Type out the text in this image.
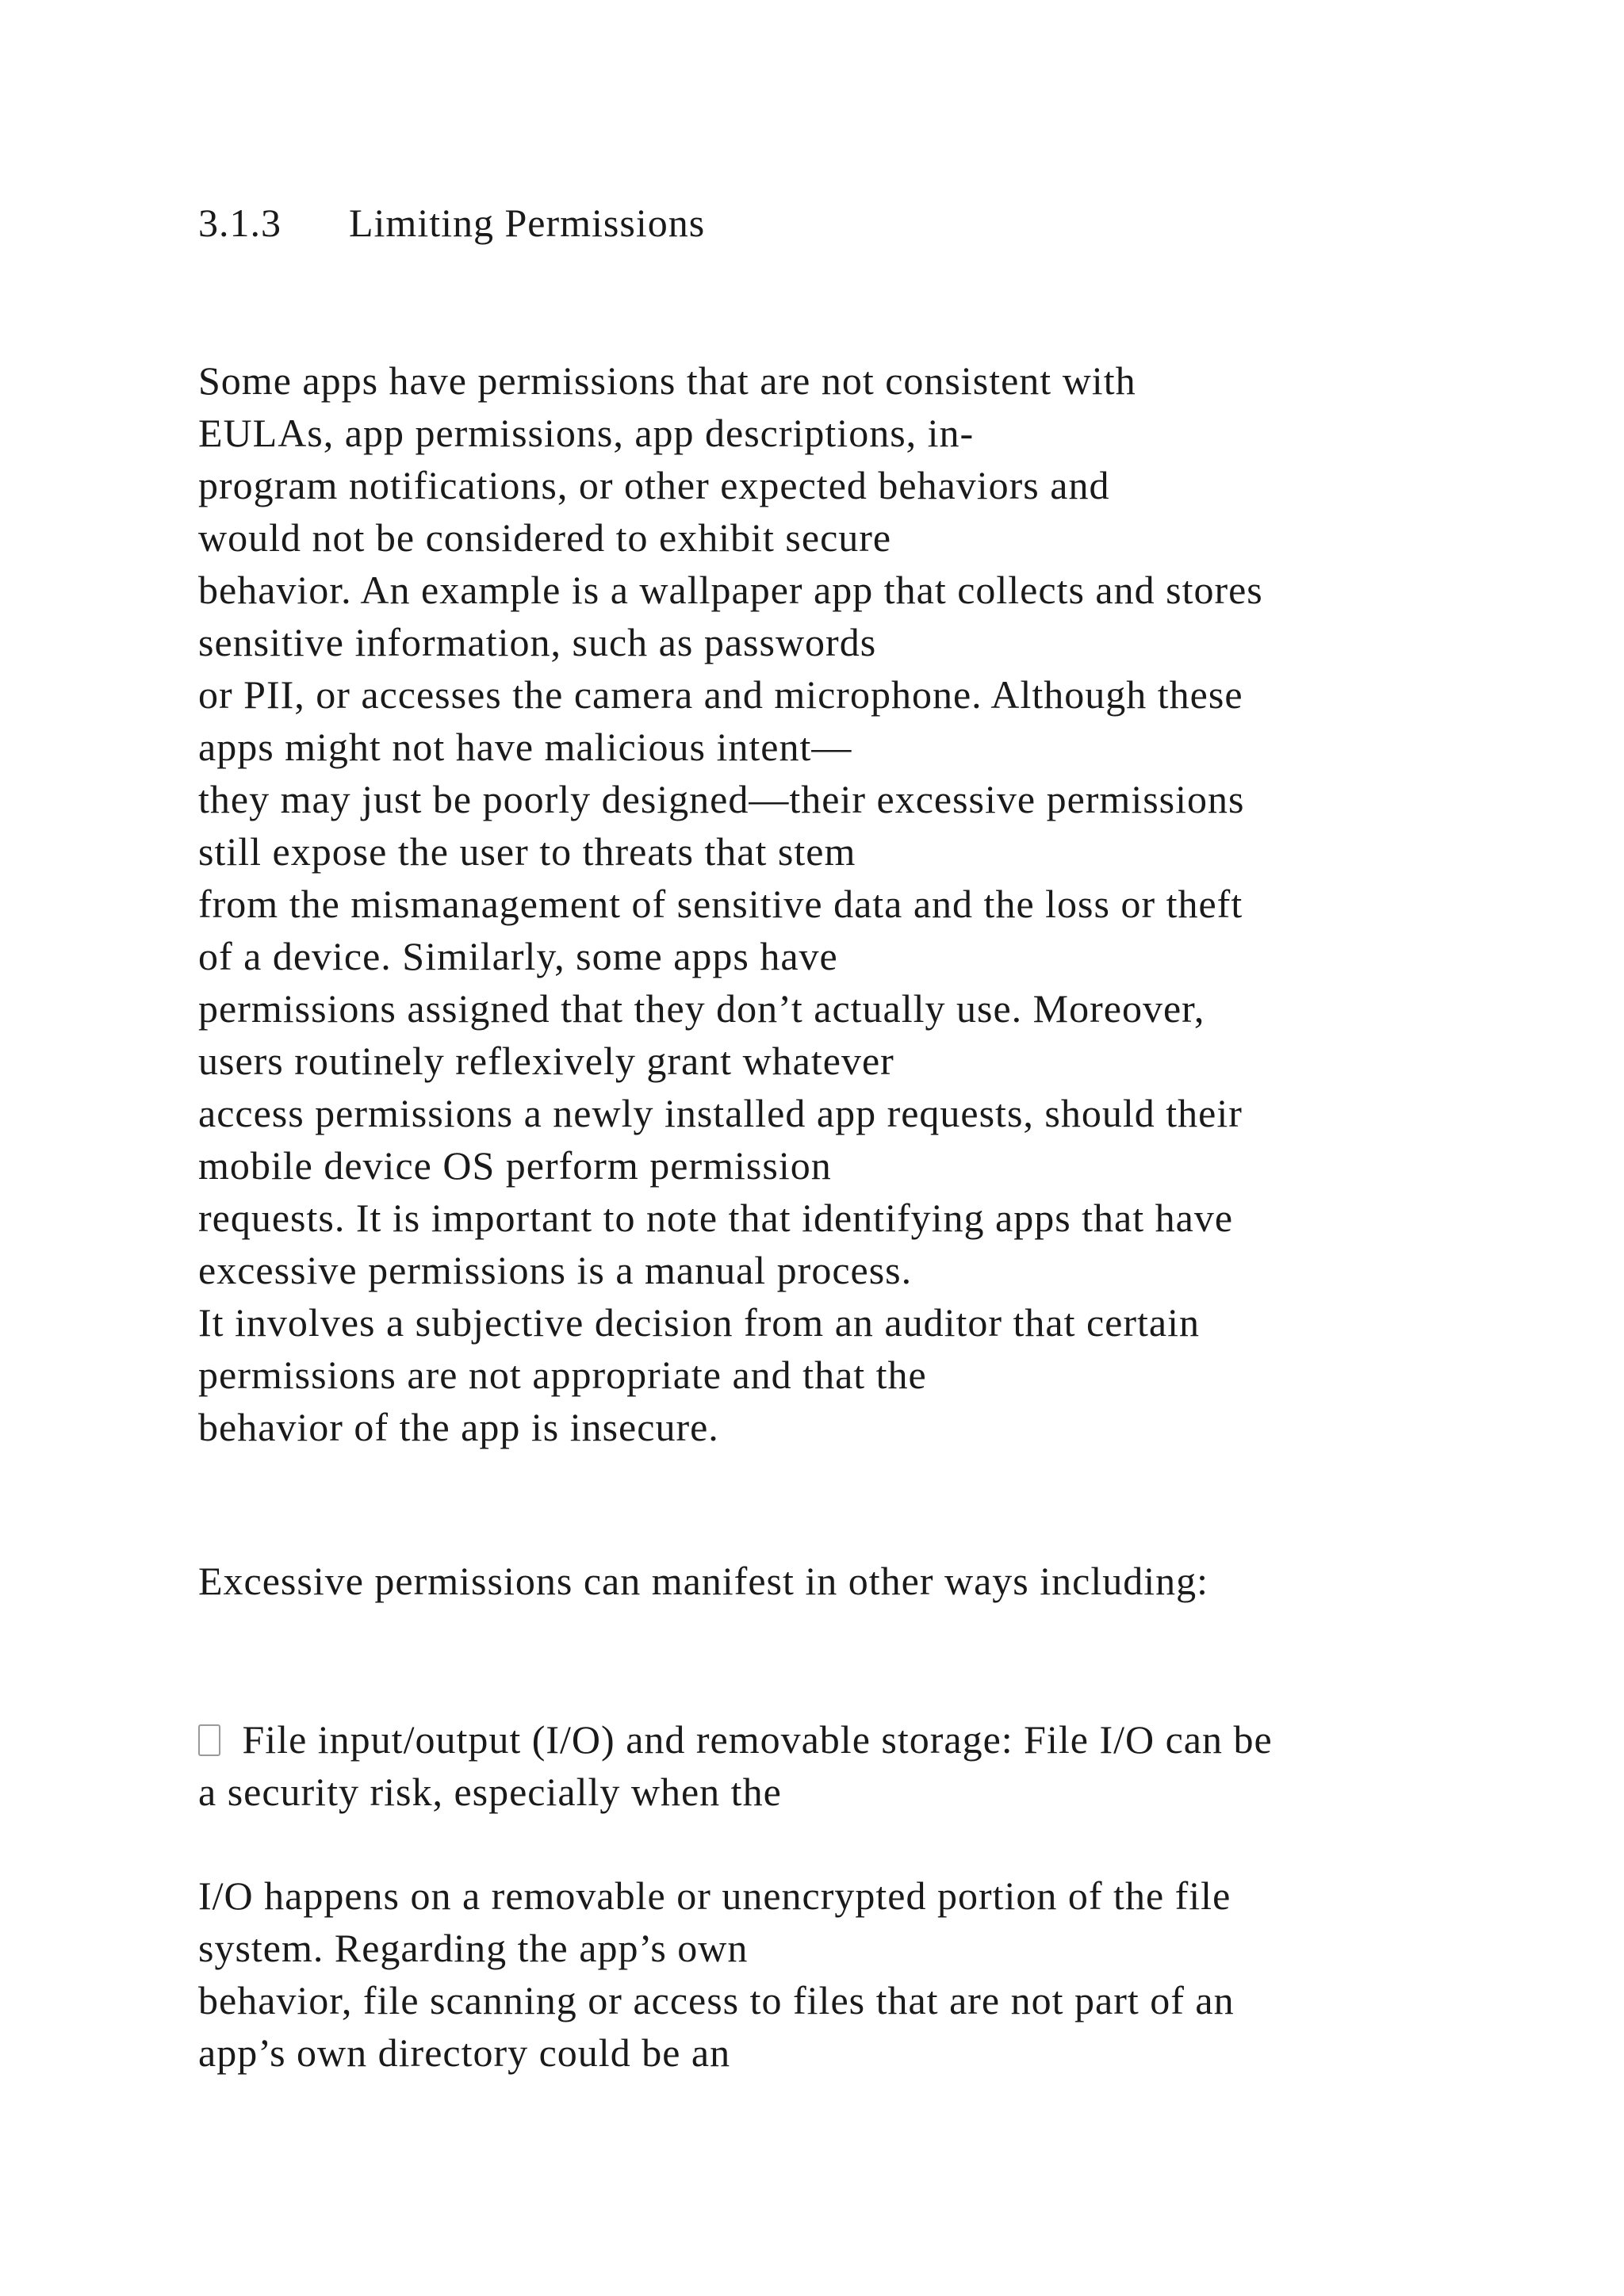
3.1.3 Limiting Permissions
Some apps have permissions that are not consistent with
EULAs, app permissions, app descriptions, in-
program notifications, or other expected behaviors and
would not be considered to exhibit secure
behavior. An example is a wallpaper app that collects and stores
sensitive information, such as passwords
or PII, or accesses the camera and microphone. Although these
apps might not have malicious intent—
they may just be poorly designed—their excessive permissions
still expose the user to threats that stem
from the mismanagement of sensitive data and the loss or theft
of a device. Similarly, some apps have
permissions assigned that they don’t actually use. Moreover,
users routinely reflexively grant whatever
access permissions a newly installed app requests, should their
mobile device OS perform permission
requests. It is important to note that identifying apps that have
excessive permissions is a manual process.
It involves a subjective decision from an auditor that certain
permissions are not appropriate and that the
behavior of the app is insecure.
Excessive permissions can manifest in other ways including:
File input/output (I/O) and removable storage: File I/O can be
a security risk, especially when the
I/O happens on a removable or unencrypted portion of the file
system. Regarding the app’s own
behavior, file scanning or access to files that are not part of an
app’s own directory could be an
